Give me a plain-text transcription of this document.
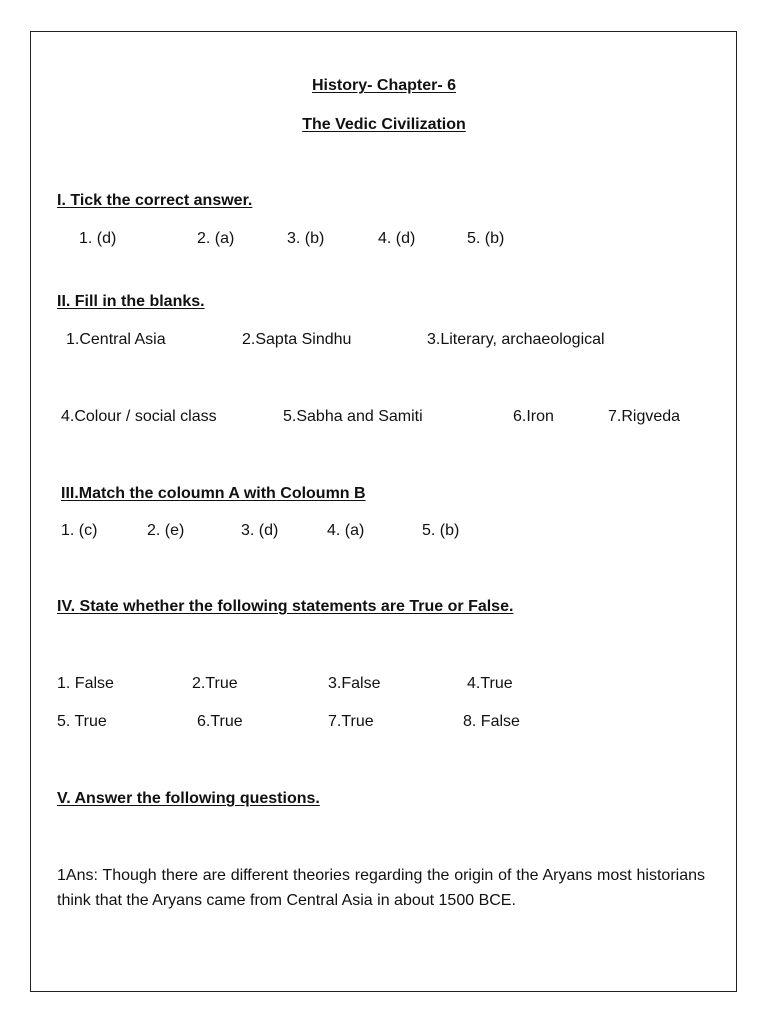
History- Chapter- 6
The Vedic Civilization
I. Tick the correct answer.
1. (d)	2. (a)	3. (b)	4. (d)	5. (b)
II. Fill in the blanks.
1.Central Asia	2.Sapta Sindhu	3.Literary, archaeological
4.Colour / social class	5.Sabha and Samiti	6.Iron	7.Rigveda
III.Match the coloumn A with Coloumn B
1. (c)	2. (e)	3. (d)	4. (a)	5. (b)
IV. State whether the following statements are True or False.
1. False	2.True	3.False	4.True
5. True	6.True	7.True	8. False
V. Answer the following questions.
1Ans: Though there are different theories regarding the origin of the Aryans most historians think that the Aryans came from Central Asia in about 1500 BCE.
